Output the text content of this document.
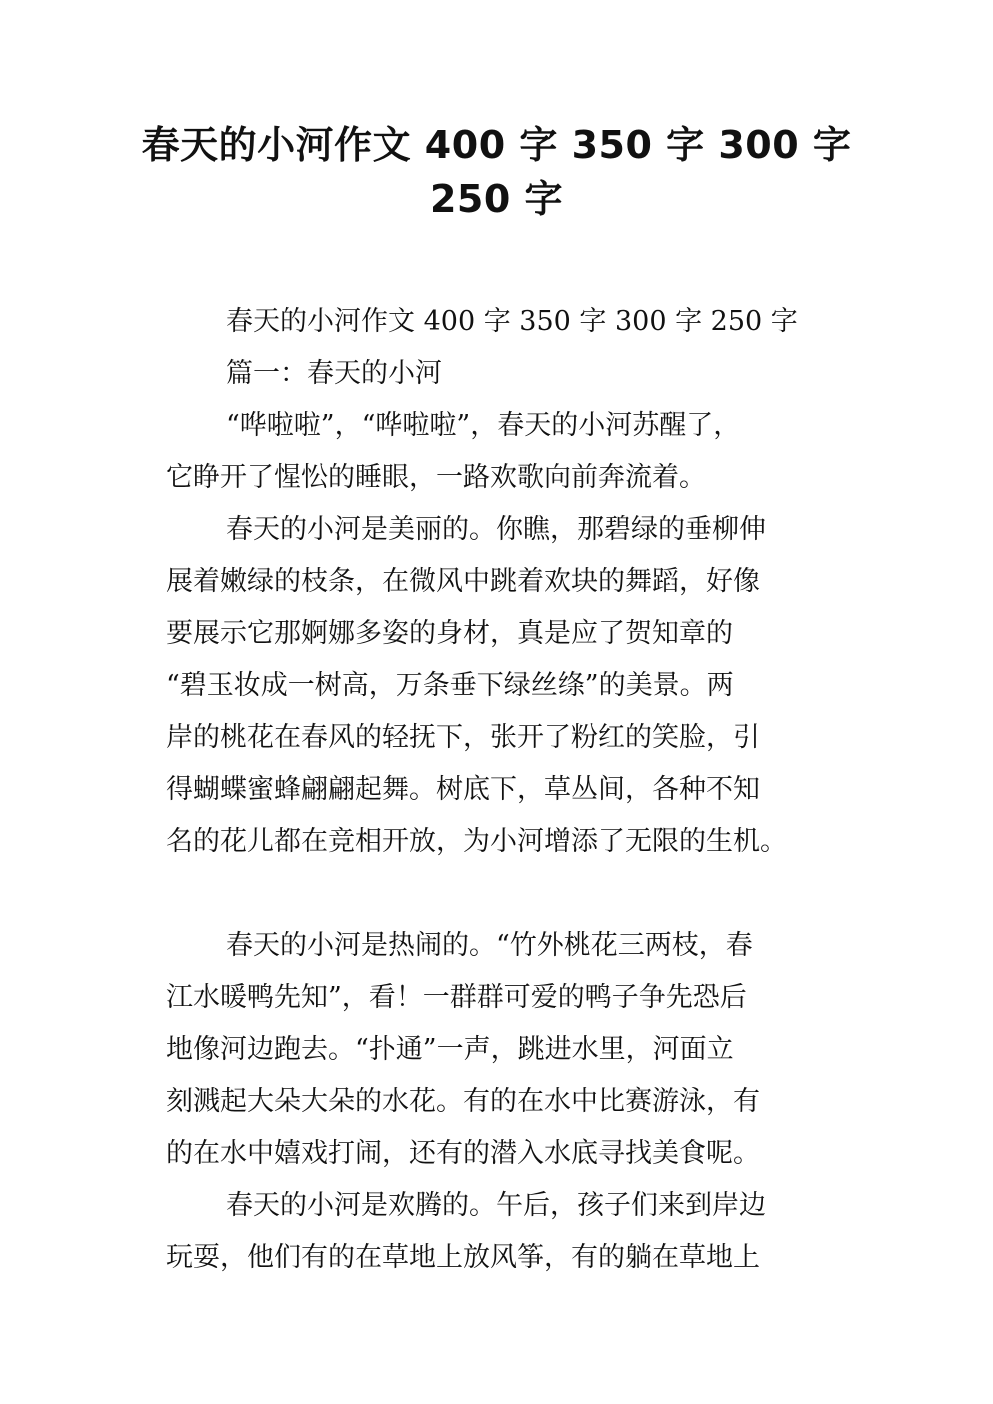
春天的小河作文 400 字 350 字 300 字
250 字
春天的小河作文 400 字 350 字 300 字 250 字
篇一：春天的小河
“哗啦啦”，“哗啦啦”，春天的小河苏醒了，
它睁开了惺忪的睡眼，一路欢歌向前奔流着。
春天的小河是美丽的。你瞧，那碧绿的垂柳伸
展着嫩绿的枝条，在微风中跳着欢块的舞蹈，好像
要展示它那婀娜多姿的身材，真是应了贺知章的
“碧玉妆成一树高，万条垂下绿丝绦”的美景。两
岸的桃花在春风的轻抚下，张开了粉红的笑脸，引
得蝴蝶蜜蜂翩翩起舞。树底下，草丛间，各种不知
名的花儿都在竞相开放，为小河增添了无限的生机。
春天的小河是热闹的。“竹外桃花三两枝，春
江水暖鸭先知”，看！一群群可爱的鸭子争先恐后
地像河边跑去。“扑通”一声，跳进水里，河面立
刻溅起大朵大朵的水花。有的在水中比赛游泳，有
的在水中嬉戏打闹，还有的潜入水底寻找美食呢。
春天的小河是欢腾的。午后，孩子们来到岸边
玩耍，他们有的在草地上放风筝，有的躺在草地上
